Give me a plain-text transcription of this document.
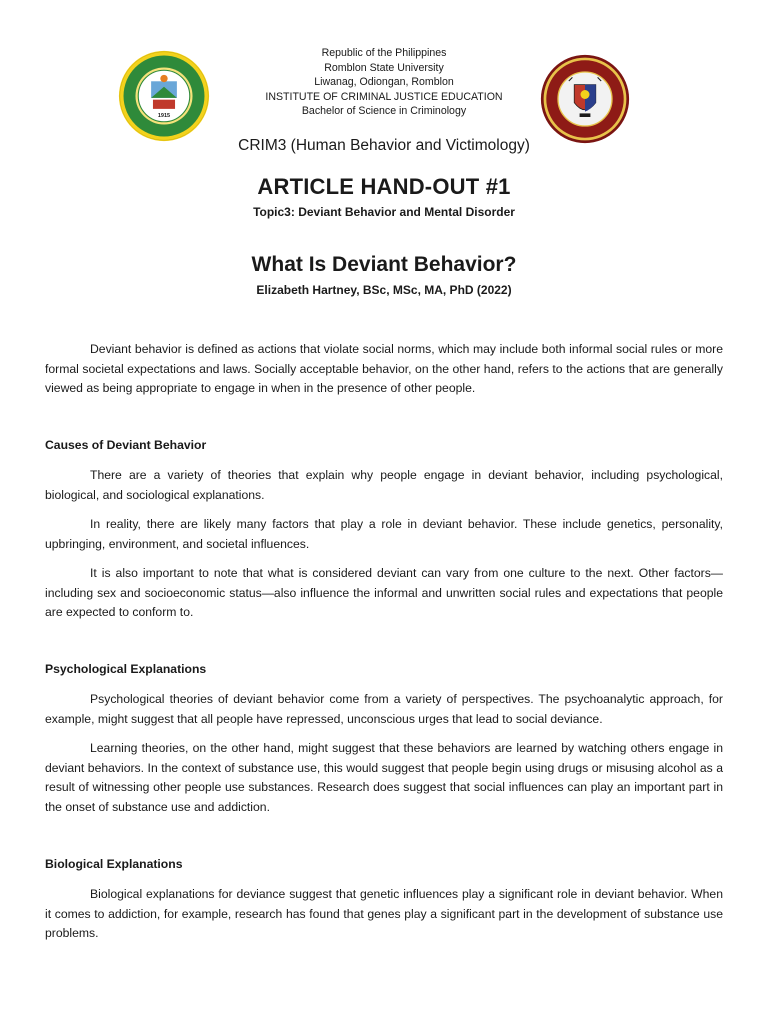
1915
Republic of the Philippines
Romblon State University
Liwanag, Odiongan, Romblon
INSTITUTE OF CRIMINAL JUSTICE EDUCATION
Bachelor of Science in Criminology
CRIM3 (Human Behavior and Victimology)
ARTICLE HAND-OUT #1
Topic3: Deviant Behavior and Mental Disorder
What Is Deviant Behavior?
Elizabeth Hartney, BSc, MSc, MA, PhD (2022)

Deviant behavior is defined as actions that violate social norms, which may include both informal social rules or more formal societal expectations and laws. Socially acceptable behavior, on the other hand, refers to the actions that are generally viewed as being appropriate to engage in when in the presence of other people.

Causes of Deviant Behavior

There are a variety of theories that explain why people engage in deviant behavior, including psychological, biological, and sociological explanations.

In reality, there are likely many factors that play a role in deviant behavior. These include genetics, personality, upbringing, environment, and societal influences.

It is also important to note that what is considered deviant can vary from one culture to the next. Other factors—including sex and socioeconomic status—also influence the informal and unwritten social rules and expectations that people are expected to conform to.

Psychological Explanations

Psychological theories of deviant behavior come from a variety of perspectives. The psychoanalytic approach, for example, might suggest that all people have repressed, unconscious urges that lead to social deviance.

Learning theories, on the other hand, might suggest that these behaviors are learned by watching others engage in deviant behaviors. In the context of substance use, this would suggest that people begin using drugs or misusing alcohol as a result of witnessing other people use substances. Research does suggest that social influences can play an important part in the onset of substance use and addiction.

Biological Explanations

Biological explanations for deviance suggest that genetic influences play a significant role in deviant behavior. When it comes to addiction, for example, research has found that genes play a significant part in the development of substance use problems.
